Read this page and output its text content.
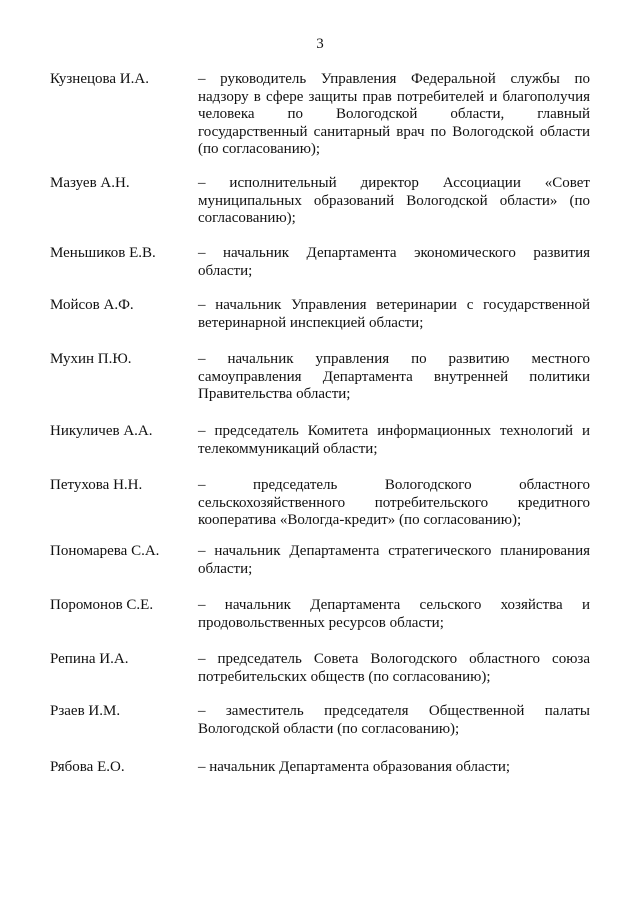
3
Кузнецова И.А.	– руководитель Управления Федеральной службы по
надзору в сфере защиты прав потребителей и благополучия
человека по Вологодской области, главный
государственный санитарный врач по Вологодской области
(по согласованию);
Мазуев А.Н.	– исполнительный директор Ассоциации «Совет
муниципальных образований Вологодской области» (по
согласованию);
Меньшиков Е.В.	– начальник Департамента экономического развития
области;
Мойсов А.Ф.	– начальник Управления ветеринарии с государственной
ветеринарной инспекцией области;
Мухин П.Ю.	– начальник управления по развитию местного
самоуправления Департамента внутренней политики
Правительства области;
Никуличев А.А.	– председатель Комитета информационных технологий и
телекоммуникаций области;
Петухова Н.Н.	– председатель Вологодского областного
сельскохозяйственного потребительского кредитного
кооператива «Вологда-кредит» (по согласованию);
Пономарева С.А.	– начальник Департамента стратегического планирования
области;
Поромонов С.Е.	– начальник Департамента сельского хозяйства и
продовольственных ресурсов области;
Репина И.А.	– председатель Совета Вологодского областного союза
потребительских обществ (по согласованию);
Рзаев И.М.	– заместитель председателя Общественной палаты
Вологодской области (по согласованию);
Рябова Е.О.	– начальник Департамента образования области;
